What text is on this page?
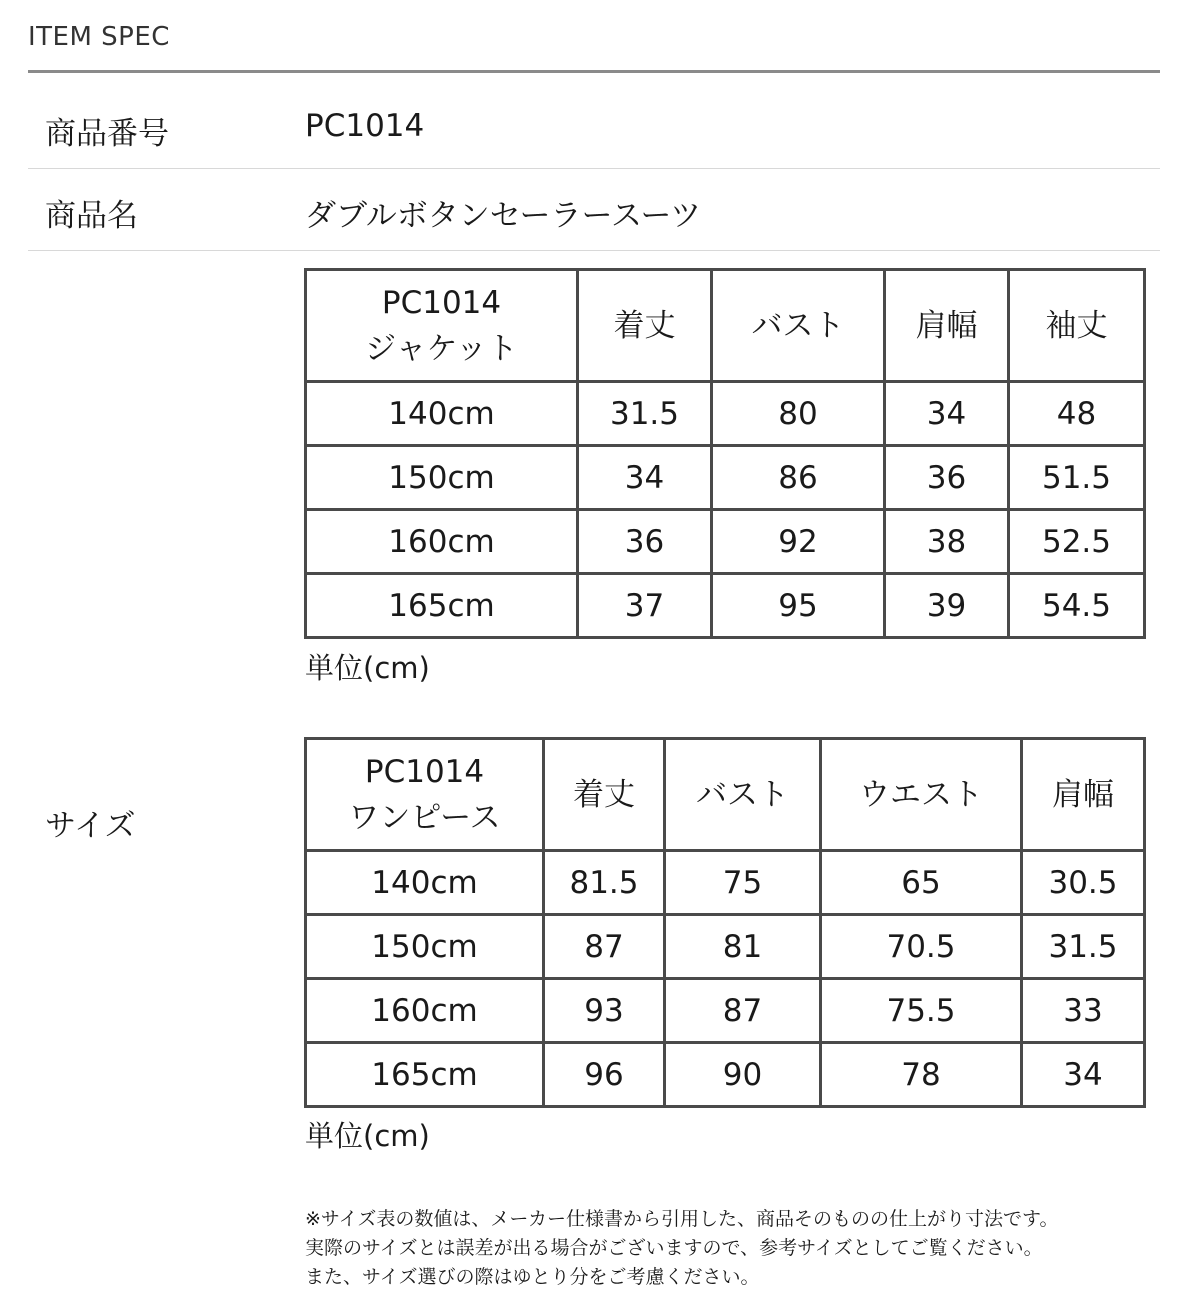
ITEM SPEC
商品番号	PC1014
商品名	ダブルボタンセーラースーツ
サイズ
PC1014
ジャケット	着丈	バスト	肩幅	袖丈
140cm	31.5	80	34	48
150cm	34	86	36	51.5
160cm	36	92	38	52.5
165cm	37	95	39	54.5
単位(cm)
PC1014
ワンピース	着丈	バスト	ウエスト	肩幅
140cm	81.5	75	65	30.5
150cm	87	81	70.5	31.5
160cm	93	87	75.5	33
165cm	96	90	78	34
単位(cm)
※サイズ表の数値は、メーカー仕様書から引用した、商品そのものの仕上がり寸法です。
実際のサイズとは誤差が出る場合がございますので、参考サイズとしてご覧ください。
また、サイズ選びの際はゆとり分をご考慮ください。
